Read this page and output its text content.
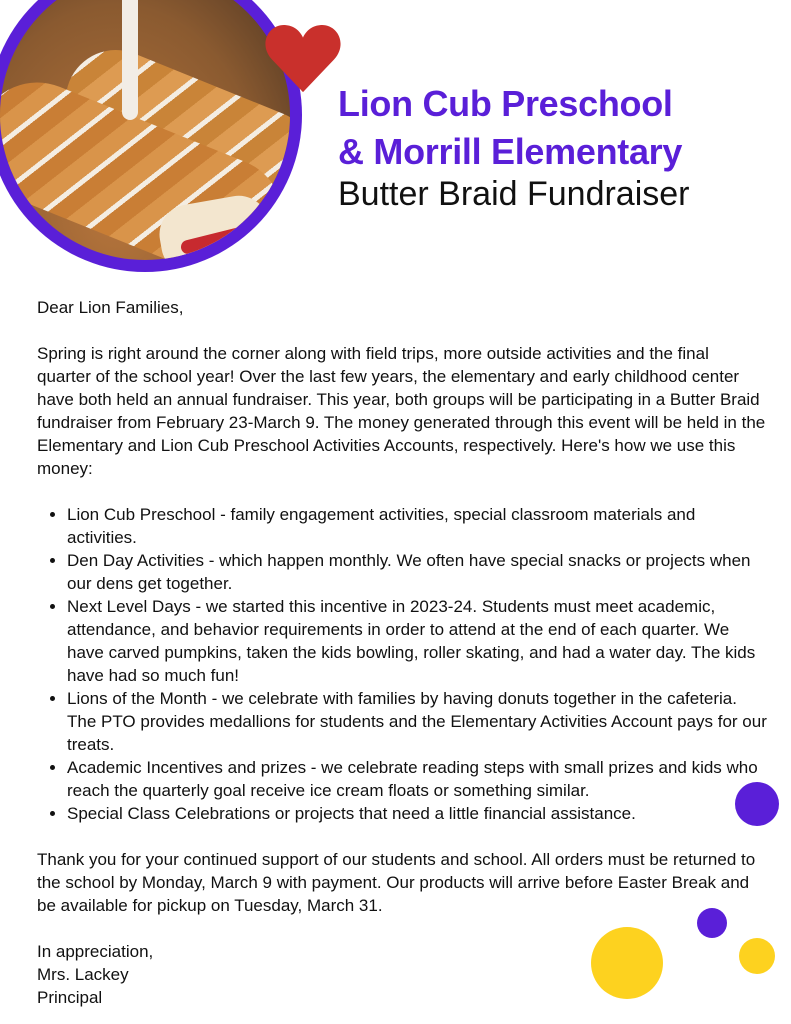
Lion Cub Preschool
& Morrill Elementary
Butter Braid Fundraiser

Dear Lion Families,

Spring is right around the corner along with field trips, more outside activities and the final quarter of the school year! Over the last few years, the elementary and early childhood center have both held an annual fundraiser. This year, both groups will be participating in a Butter Braid fundraiser from February 23-March 9. The money generated through this event will be held in the Elementary and Lion Cub Preschool Activities Accounts, respectively. Here's how we use this money:

• Lion Cub Preschool - family engagement activities, special classroom materials and activities.
• Den Day Activities - which happen monthly. We often have special snacks or projects when our dens get together.
• Next Level Days - we started this incentive in 2023-24. Students must meet academic, attendance, and behavior requirements in order to attend at the end of each quarter. We have carved pumpkins, taken the kids bowling, roller skating, and had a water day. The kids have had so much fun!
• Lions of the Month - we celebrate with families by having donuts together in the cafeteria. The PTO provides medallions for students and the Elementary Activities Account pays for our treats.
• Academic Incentives and prizes - we celebrate reading steps with small prizes and kids who reach the quarterly goal receive ice cream floats or something similar.
• Special Class Celebrations or projects that need a little financial assistance.

Thank you for your continued support of our students and school. All orders must be returned to the school by Monday, March 9 with payment. Our products will arrive before Easter Break and be available for pickup on Tuesday, March 31.

In appreciation,
Mrs. Lackey
Principal
